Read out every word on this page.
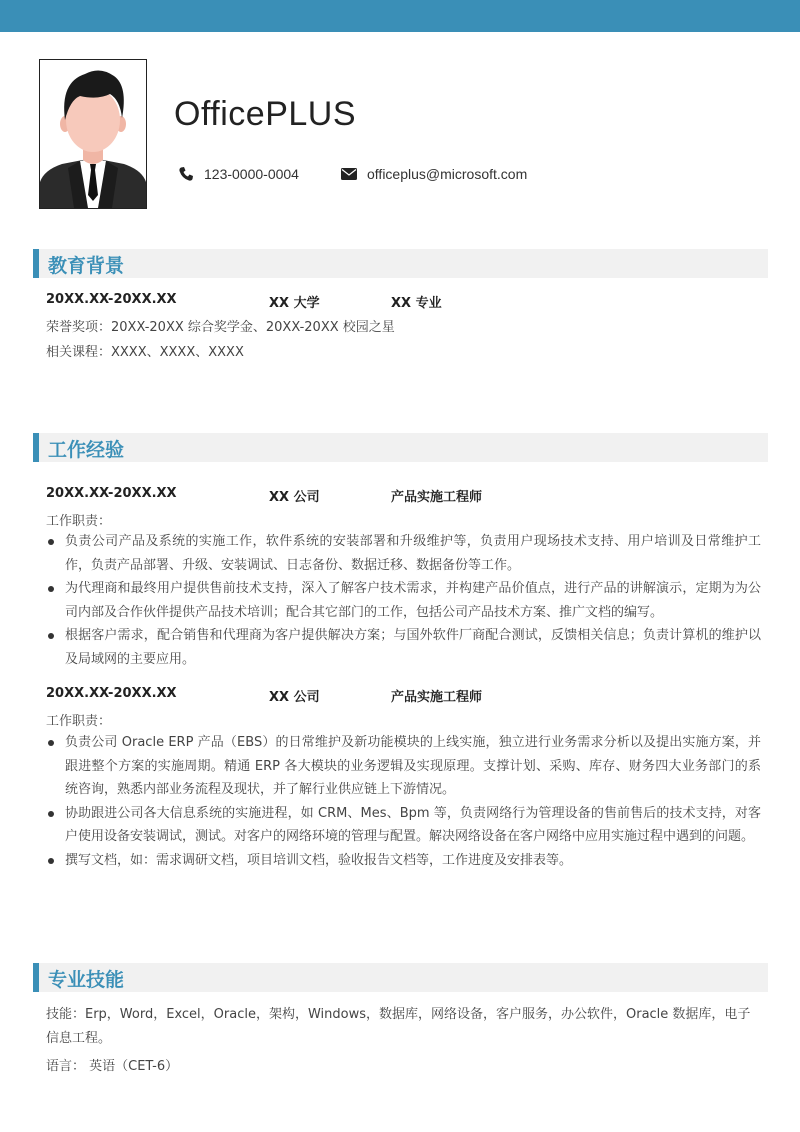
OfficePLUS
123-0000-0004	officeplus@microsoft.com
教育背景
20XX.XX-20XX.XX	XX 大学	XX 专业
荣誉奖项：20XX-20XX 综合奖学金、20XX-20XX 校园之星
相关课程：XXXX、XXXX、XXXX
工作经验
20XX.XX-20XX.XX	XX 公司	产品实施工程师
工作职责：
负责公司产品及系统的实施工作，软件系统的安装部署和升级维护等，负责用户现场技术支持、用户培训及日常维护工作，负责产品部署、升级、安装调试、日志备份、数据迁移、数据备份等工作。
为代理商和最终用户提供售前技术支持，深入了解客户技术需求，并构建产品价值点，进行产品的讲解演示，定期为为公司内部及合作伙伴提供产品技术培训；配合其它部门的工作，包括公司产品技术方案、推广文档的编写。
根据客户需求，配合销售和代理商为客户提供解决方案；与国外软件厂商配合测试，反馈相关信息；负责计算机的维护以及局域网的主要应用。
20XX.XX-20XX.XX	XX 公司	产品实施工程师
工作职责：
负责公司 Oracle ERP 产品（EBS）的日常维护及新功能模块的上线实施，独立进行业务需求分析以及提出实施方案，并跟进整个方案的实施周期。精通 ERP 各大模块的业务逻辑及实现原理。支撑计划、采购、库存、财务四大业务部门的系统咨询，熟悉内部业务流程及现状，并了解行业供应链上下游情况。
协助跟进公司各大信息系统的实施进程，如 CRM、Mes、Bpm 等，负责网络行为管理设备的售前售后的技术支持，对客户使用设备安装调试，测试。对客户的网络环境的管理与配置。解决网络设备在客户网络中应用实施过程中遇到的问题。
撰写文档，如：需求调研文档，项目培训文档，验收报告文档等，工作进度及安排表等。
专业技能
技能：Erp，Word，Excel，Oracle，架构，Windows，数据库，网络设备，客户服务，办公软件，Oracle 数据库，电子信息工程。
语言： 英语（CET-6）
